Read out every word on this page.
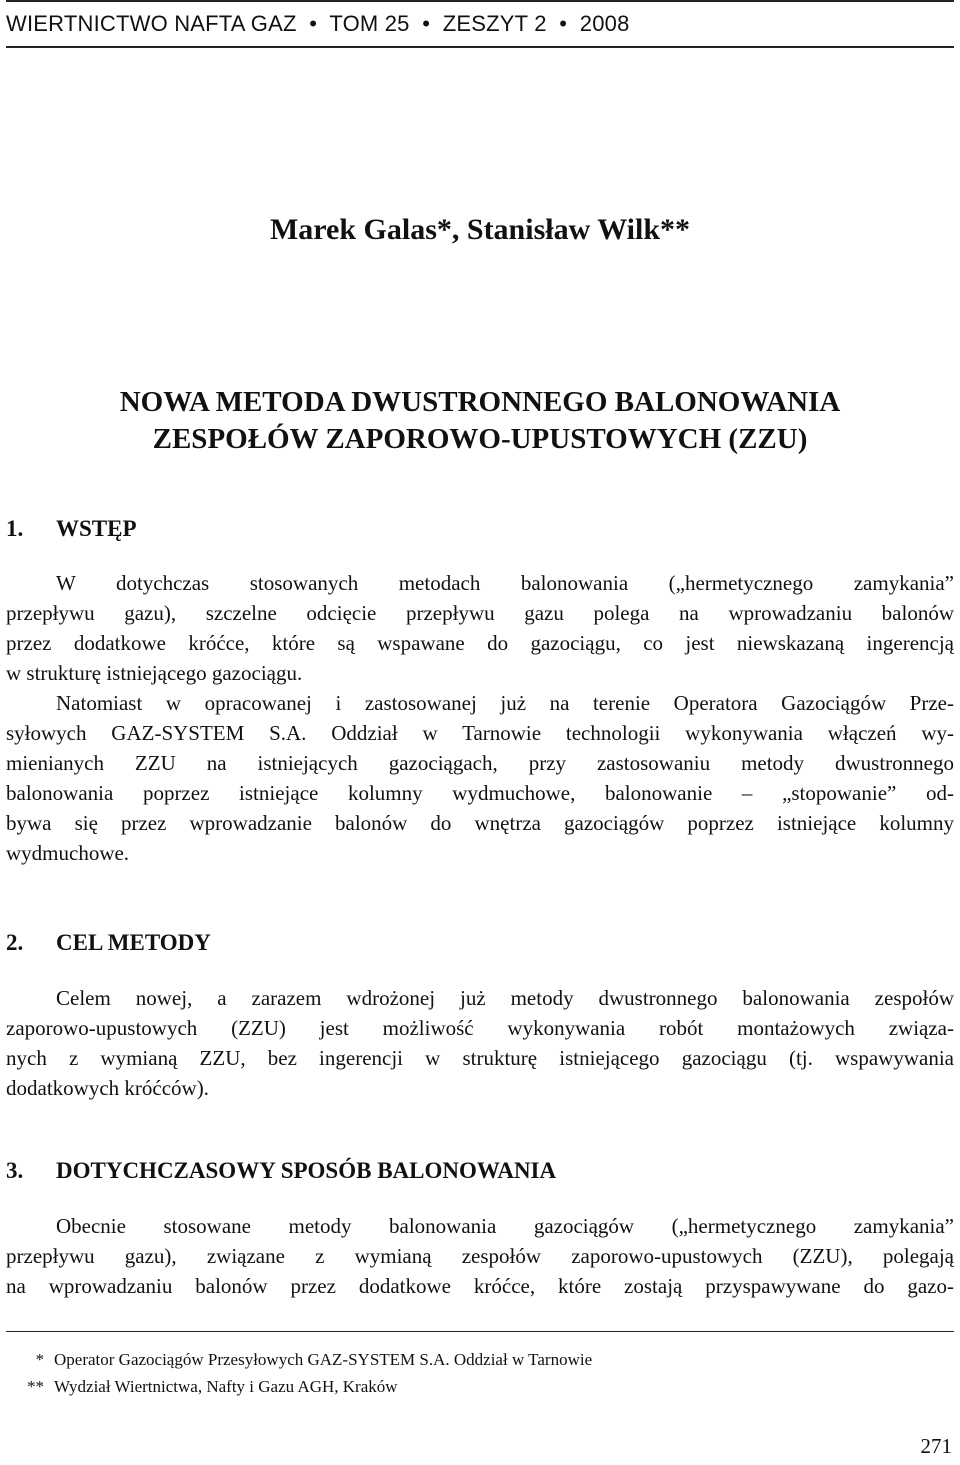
WIERTNICTWO NAFTA GAZ  •  TOM 25  •  ZESZYT 2  •  2008
Marek Galas*, Stanisław Wilk**
NOWA METODA DWUSTRONNEGO BALONOWANIA
ZESPOŁÓW ZAPOROWO-UPUSTOWYCH (ZZU)
1. WSTĘP
W dotychczas stosowanych metodach balonowania („hermetycznego zamykania”
przepływu gazu), szczelne odcięcie przepływu gazu polega na wprowadzaniu balonów
przez dodatkowe króćce, które są wspawane do gazociągu, co jest niewskazaną ingerencją
w strukturę istniejącego gazociągu.
Natomiast w opracowanej i zastosowanej już na terenie Operatora Gazociągów Prze-
syłowych GAZ-SYSTEM S.A. Oddział w Tarnowie technologii wykonywania włączeń wy-
mienianych ZZU na istniejących gazociągach, przy zastosowaniu metody dwustronnego
balonowania poprzez istniejące kolumny wydmuchowe, balonowanie – „stopowanie” od-
bywa się przez wprowadzanie balonów do wnętrza gazociągów poprzez istniejące kolumny
wydmuchowe.
2. CEL METODY
Celem nowej, a zarazem wdrożonej już metody dwustronnego balonowania zespołów
zaporowo-upustowych (ZZU) jest możliwość wykonywania robót montażowych związa-
nych z wymianą ZZU, bez ingerencji w strukturę istniejącego gazociągu (tj. wspawywania
dodatkowych króćców).
3. DOTYCHCZASOWY SPOSÓB BALONOWANIA
Obecnie stosowane metody balonowania gazociągów („hermetycznego zamykania”
przepływu gazu), związane z wymianą zespołów zaporowo-upustowych (ZZU), polegają
na wprowadzaniu balonów przez dodatkowe króćce, które zostają przyspawywane do gazo-
* Operator Gazociągów Przesyłowych GAZ-SYSTEM S.A. Oddział w Tarnowie
** Wydział Wiertnictwa, Nafty i Gazu AGH, Kraków
271
